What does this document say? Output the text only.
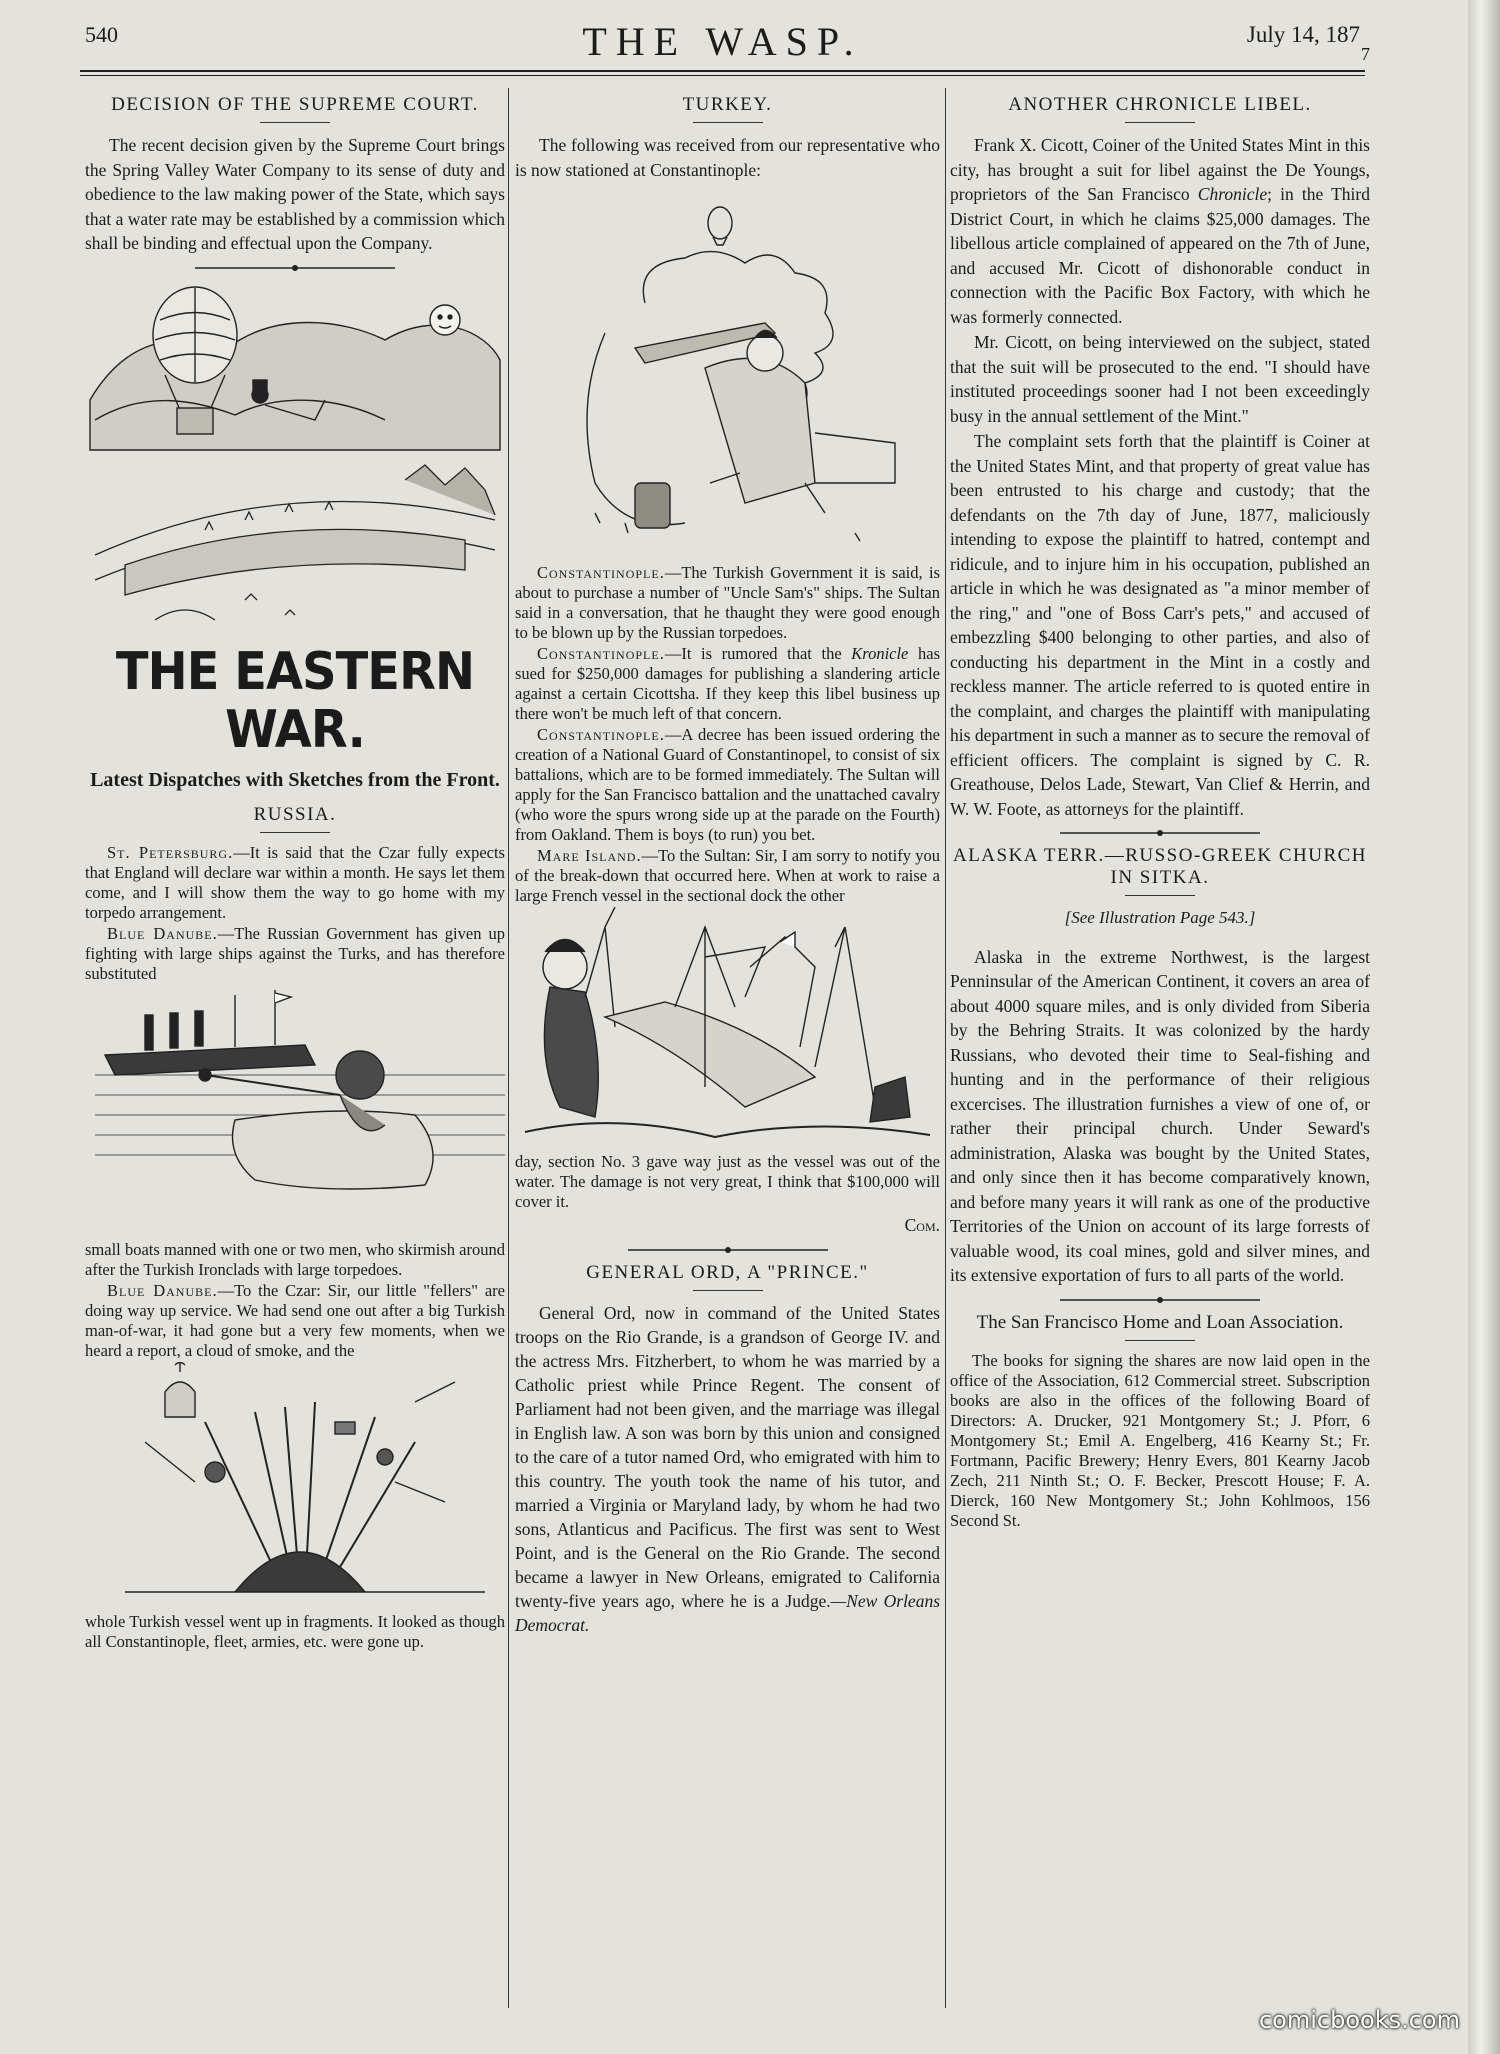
540	THE WASP.	July 14, 187
7
DECISION OF THE SUPREME COURT.

The recent decision given by the Supreme Court brings the Spring Valley Water Company to its sense of duty and obedience to the law making power of the State, which says that a water rate may be established by a commission which shall be binding and effectual upon the Company.

THE EASTERN WAR.
Latest Dispatches with Sketches from the Front.
RUSSIA.

St. Petersburg.—It is said that the Czar fully expects that England will declare war within a month. He says let them come, and I will show them the way to go home with my torpedo arrangement.

Blue Danube.—The Russian Government has given up fighting with large ships against the Turks, and has therefore substituted

small boats manned with one or two men, who skirmish around after the Turkish Ironclads with large torpedoes.

Blue Danube.—To the Czar: Sir, our little "fellers" are doing way up service. We had send one out after a big Turkish man-of-war, it had gone but a very few moments, when we heard a report, a cloud of smoke, and the

whole Turkish vessel went up in fragments. It looked as though all Constantinople, fleet, armies, etc. were gone up.

TURKEY.

The following was received from our representative who is now stationed at Constantinople:

Constantinople.—The Turkish Government it is said, is about to purchase a number of "Uncle Sam's" ships. The Sultan said in a conversation, that he thaught they were good enough to be blown up by the Russian torpedoes.

Constantinople.—It is rumored that the Kronicle has sued for $250,000 damages for publishing a slandering article against a certain Cicottsha. If they keep this libel business up there won't be much left of that concern.

Constantinople.—A decree has been issued ordering the creation of a National Guard of Constantinopel, to consist of six battalions, which are to be formed immediately. The Sultan will apply for the San Francisco battalion and the unattached cavalry (who wore the spurs wrong side up at the parade on the Fourth) from Oakland. Them is boys (to run) you bet.

Mare Island.—To the Sultan: Sir, I am sorry to notify you of the break-down that occurred here. When at work to raise a large French vessel in the sectional dock the other

day, section No. 3 gave way just as the vessel was out of the water. The damage is not very great, I think that $100,000 will cover it.

Com.
GENERAL ORD, A "PRINCE."

General Ord, now in command of the United States troops on the Rio Grande, is a grandson of George IV. and the actress Mrs. Fitzherbert, to whom he was married by a Catholic priest while Prince Regent. The consent of Parliament had not been given, and the marriage was illegal in English law. A son was born by this union and consigned to the care of a tutor named Ord, who emigrated with him to this country. The youth took the name of his tutor, and married a Virginia or Maryland lady, by whom he had two sons, Atlanticus and Pacificus. The first was sent to West Point, and is the General on the Rio Grande. The second became a lawyer in New Orleans, emigrated to California twenty-five years ago, where he is a Judge.—New Orleans Democrat.

ANOTHER CHRONICLE LIBEL.

Frank X. Cicott, Coiner of the United States Mint in this city, has brought a suit for libel against the De Youngs, proprietors of the San Francisco Chronicle; in the Third District Court, in which he claims $25,000 damages. The libellous article complained of appeared on the 7th of June, and accused Mr. Cicott of dishonorable conduct in connection with the Pacific Box Factory, with which he was formerly connected.

Mr. Cicott, on being interviewed on the subject, stated that the suit will be prosecuted to the end. "I should have instituted proceedings sooner had I not been exceedingly busy in the annual settlement of the Mint."

The complaint sets forth that the plaintiff is Coiner at the United States Mint, and that property of great value has been entrusted to his charge and custody; that the defendants on the 7th day of June, 1877, maliciously intending to expose the plaintiff to hatred, contempt and ridicule, and to injure him in his occupation, published an article in which he was designated as "a minor member of the ring," and "one of Boss Carr's pets," and accused of embezzling $400 belonging to other parties, and also of conducting his department in the Mint in a costly and reckless manner. The article referred to is quoted entire in the complaint, and charges the plaintiff with manipulating his department in such a manner as to secure the removal of efficient officers. The complaint is signed by C. R. Greathouse, Delos Lade, Stewart, Van Clief & Herrin, and W. W. Foote, as attorneys for the plaintiff.

ALASKA TERR.—RUSSO-GREEK CHURCH IN SITKA.
[See Illustration Page 543.]

Alaska in the extreme Northwest, is the largest Penninsular of the American Continent, it covers an area of about 4000 square miles, and is only divided from Siberia by the Behring Straits. It was colonized by the hardy Russians, who devoted their time to Seal-fishing and hunting and in the performance of their religious excercises. The illustration furnishes a view of one of, or rather their principal church. Under Seward's administration, Alaska was bought by the United States, and only since then it has become comparatively known, and before many years it will rank as one of the productive Territories of the Union on account of its large forrests of valuable wood, its coal mines, gold and silver mines, and its extensive exportation of furs to all parts of the world.

The San Francisco Home and Loan Association.

The books for signing the shares are now laid open in the office of the Association, 612 Commercial street. Subscription books are also in the offices of the following Board of Directors: A. Drucker, 921 Montgomery St.; J. Pforr, 6 Montgomery St.; Emil A. Engelberg, 416 Kearny St.; Fr. Fortmann, Pacific Brewery; Henry Evers, 801 Kearny Jacob Zech, 211 Ninth St.; O. F. Becker, Prescott House; F. A. Dierck, 160 New Montgomery St.; John Kohlmoos, 156 Second St.

comicbooks.com
